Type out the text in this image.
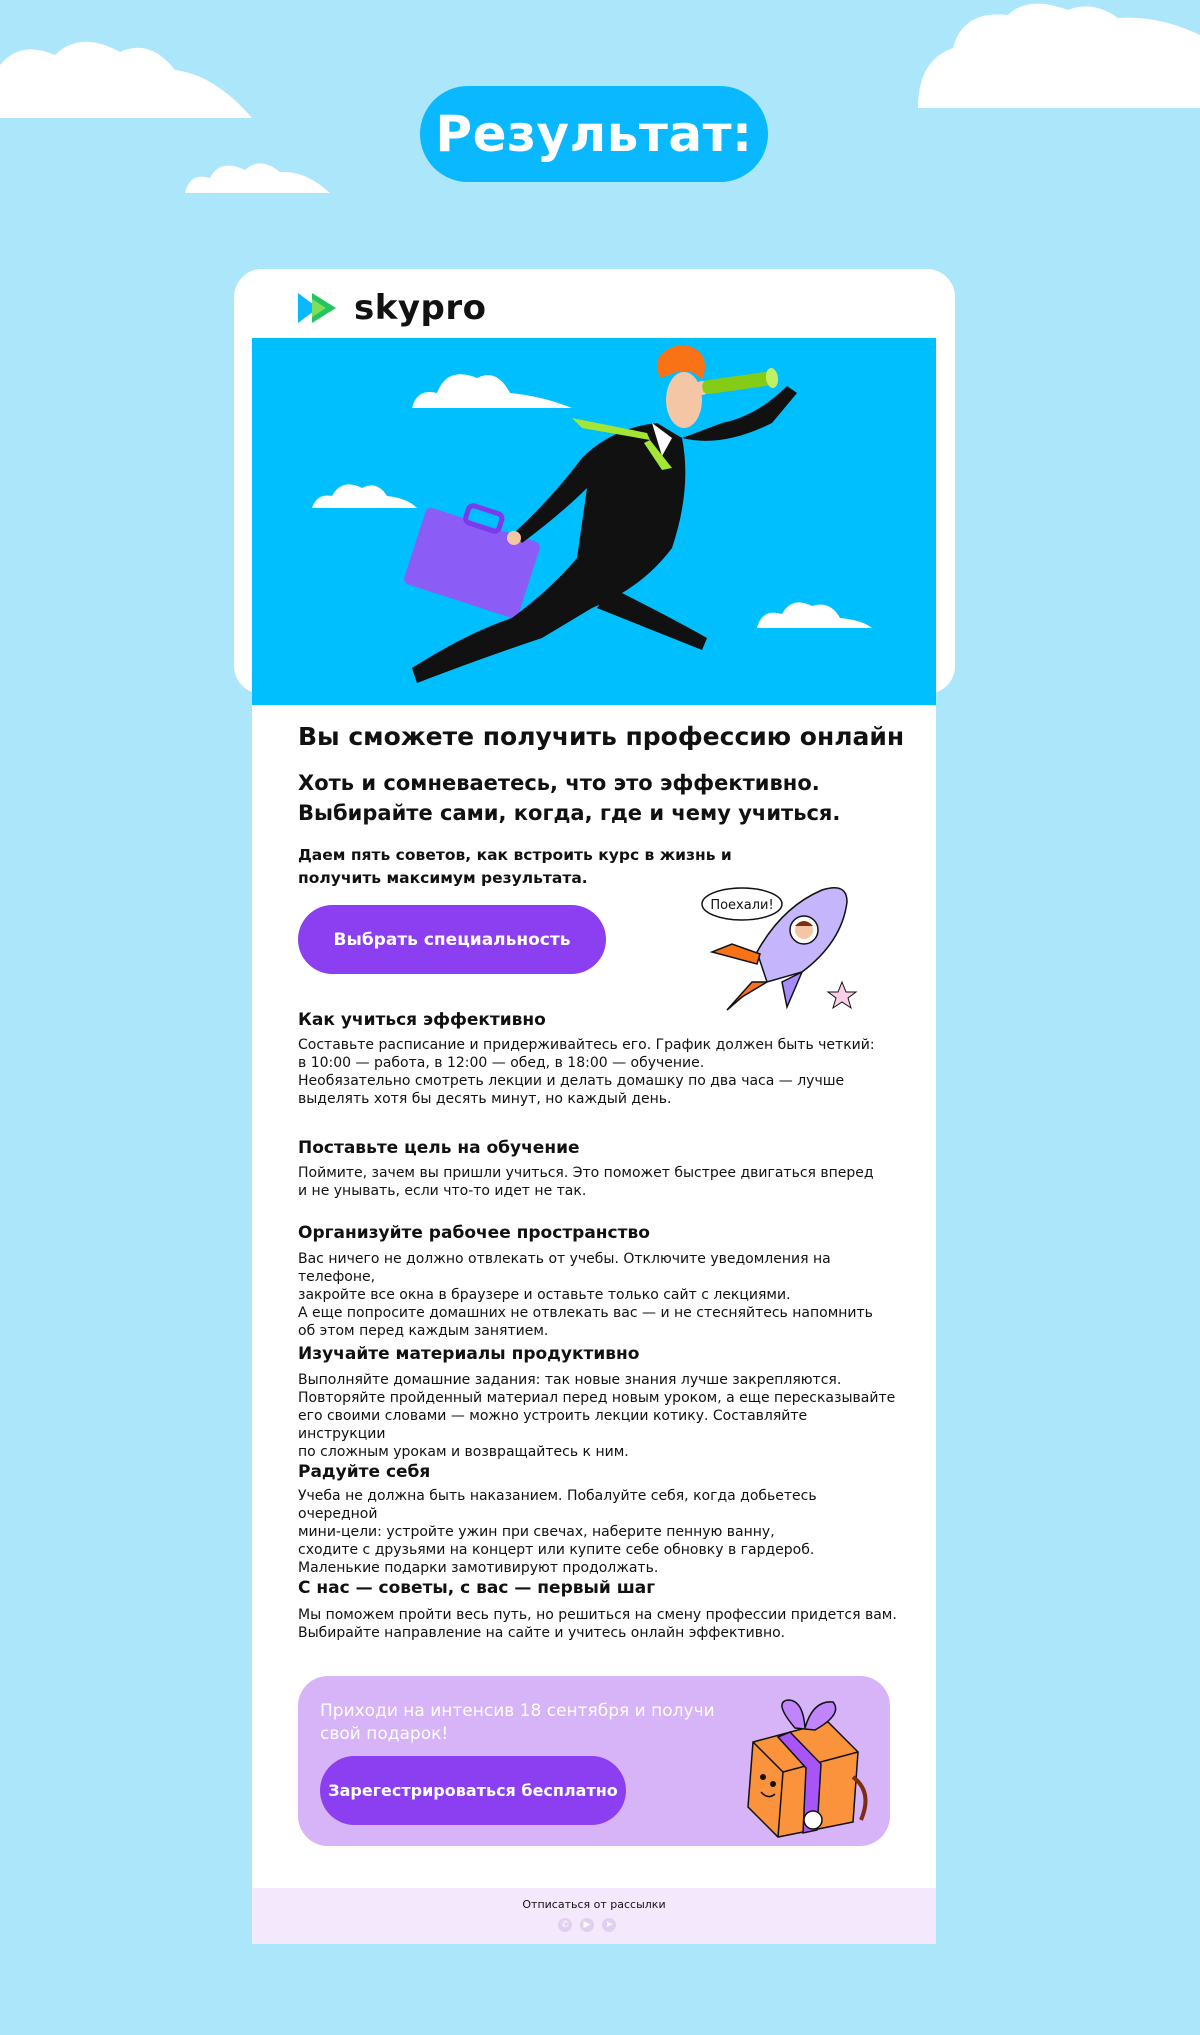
Результат:
skypro
Вы сможете получить профессию онлайн
Хоть и сомневаетесь, что это эффективно.
Выбирайте сами, когда, где и чему учиться.
Даем пять советов, как встроить курс в жизнь и получить максимум результата.
Выбрать специальность
Поехали!
Как учиться эффективно
Составьте расписание и придерживайтесь его. График должен быть четкий:
в 10:00 — работа, в 12:00 — обед, в 18:00 — обучение.
Необязательно смотреть лекции и делать домашку по два часа — лучше
выделять хотя бы десять минут, но каждый день.
Поставьте цель на обучение
Поймите, зачем вы пришли учиться. Это поможет быстрее двигаться вперед
и не унывать, если что-то идет не так.
Организуйте рабочее пространство
Вас ничего не должно отвлекать от учебы. Отключите уведомления на телефоне,
закройте все окна в браузере и оставьте только сайт с лекциями.
А еще попросите домашних не отвлекать вас — и не стесняйтесь напомнить
об этом перед каждым занятием.
Изучайте материалы продуктивно
Выполняйте домашние задания: так новые знания лучше закрепляются.
Повторяйте пройденный материал перед новым уроком, а еще пересказывайте
его своими словами — можно устроить лекции котику. Составляйте инструкции
по сложным урокам и возвращайтесь к ним.
Радуйте себя
Учеба не должна быть наказанием. Побалуйте себя, когда добьетесь очередной
мини-цели: устройте ужин при свечах, наберите пенную ванну,
сходите с друзьями на концерт или купите себе обновку в гардероб.
Маленькие подарки замотивируют продолжать.
С нас — советы, с вас — первый шаг
Мы поможем пройти весь путь, но решиться на смену профессии придется вам.
Выбирайте направление на сайте и учитесь онлайн эффективно.
Приходи на интенсив 18 сентября и получи свой подарок!
Зарегестрироваться бесплатно
Отписаться от рассылки
✆	▶	➤
